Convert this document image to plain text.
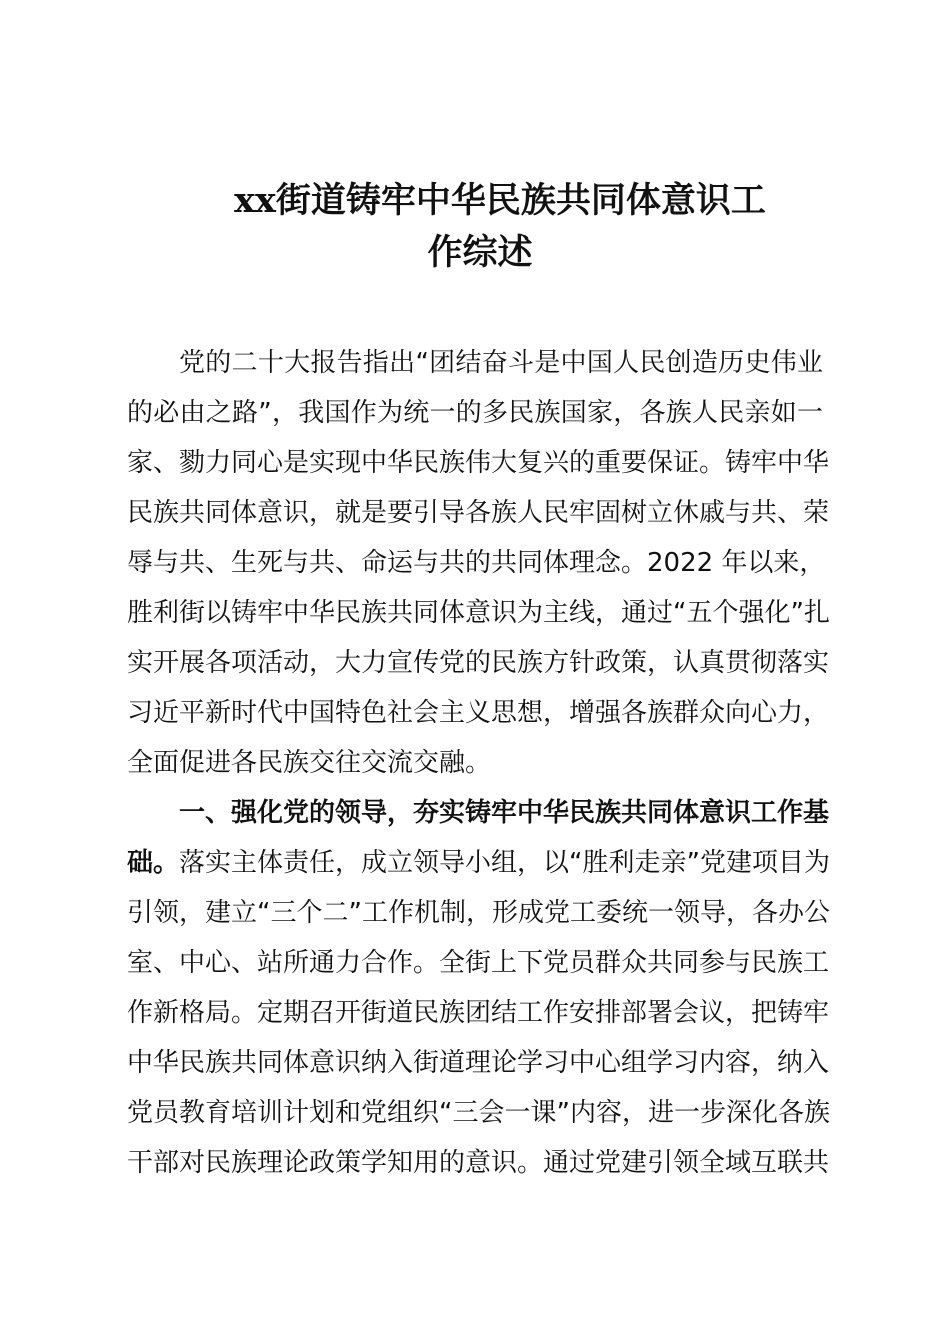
xx街道铸牢中华民族共同体意识工
作综述
党的二十大报告指出“团结奋斗是中国人民创造历史伟业
的必由之路”，我国作为统一的多民族国家，各族人民亲如一
家、勠力同心是实现中华民族伟大复兴的重要保证。铸牢中华
民族共同体意识，就是要引导各族人民牢固树立休戚与共、荣
辱与共、生死与共、命运与共的共同体理念。2022 年以来，
胜利街以铸牢中华民族共同体意识为主线，通过“五个强化”扎
实开展各项活动，大力宣传党的民族方针政策，认真贯彻落实
习近平新时代中国特色社会主义思想，增强各族群众向心力，
全面促进各民族交往交流交融。
一、强化党的领导，夯实铸牢中华民族共同体意识工作基
础。落实主体责任，成立领导小组，以“胜利走亲”党建项目为
引领，建立“三个二”工作机制，形成党工委统一领导，各办公
室、中心、站所通力合作。全街上下党员群众共同参与民族工
作新格局。定期召开街道民族团结工作安排部署会议，把铸牢
中华民族共同体意识纳入街道理论学习中心组学习内容，纳入
党员教育培训计划和党组织“三会一课”内容，进一步深化各族
干部对民族理论政策学知用的意识。通过党建引领全域互联共
